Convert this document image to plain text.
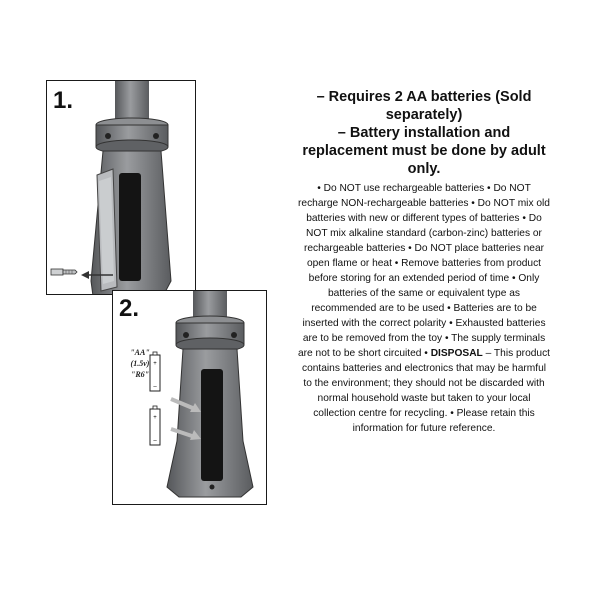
1.
+
–
+
–
2.
"AA"
(1.5v)
"R6"

– Requires 2 AA batteries (Sold separately)

– Battery installation and replacement must be done by adult only.

• Do NOT use rechargeable batteries • Do NOT recharge NON-rechargeable batteries • Do NOT mix old batteries with new or different types of batteries • Do NOT mix alkaline standard (carbon-zinc) batteries or rechargeable batteries • Do NOT place batteries near open flame or heat • Remove batteries from product before storing for an extended period of time • Only batteries of the same or equivalent type as recommended are to be used • Batteries are to be inserted with the correct polarity • Exhausted batteries are to be removed from the toy • The supply terminals are not to be short circuited • DISPOSAL – This product contains batteries and electronics that may be harmful to the environment; they should not be discarded with normal household waste but taken to your local collection centre for recycling. • Please retain this information for future reference.
